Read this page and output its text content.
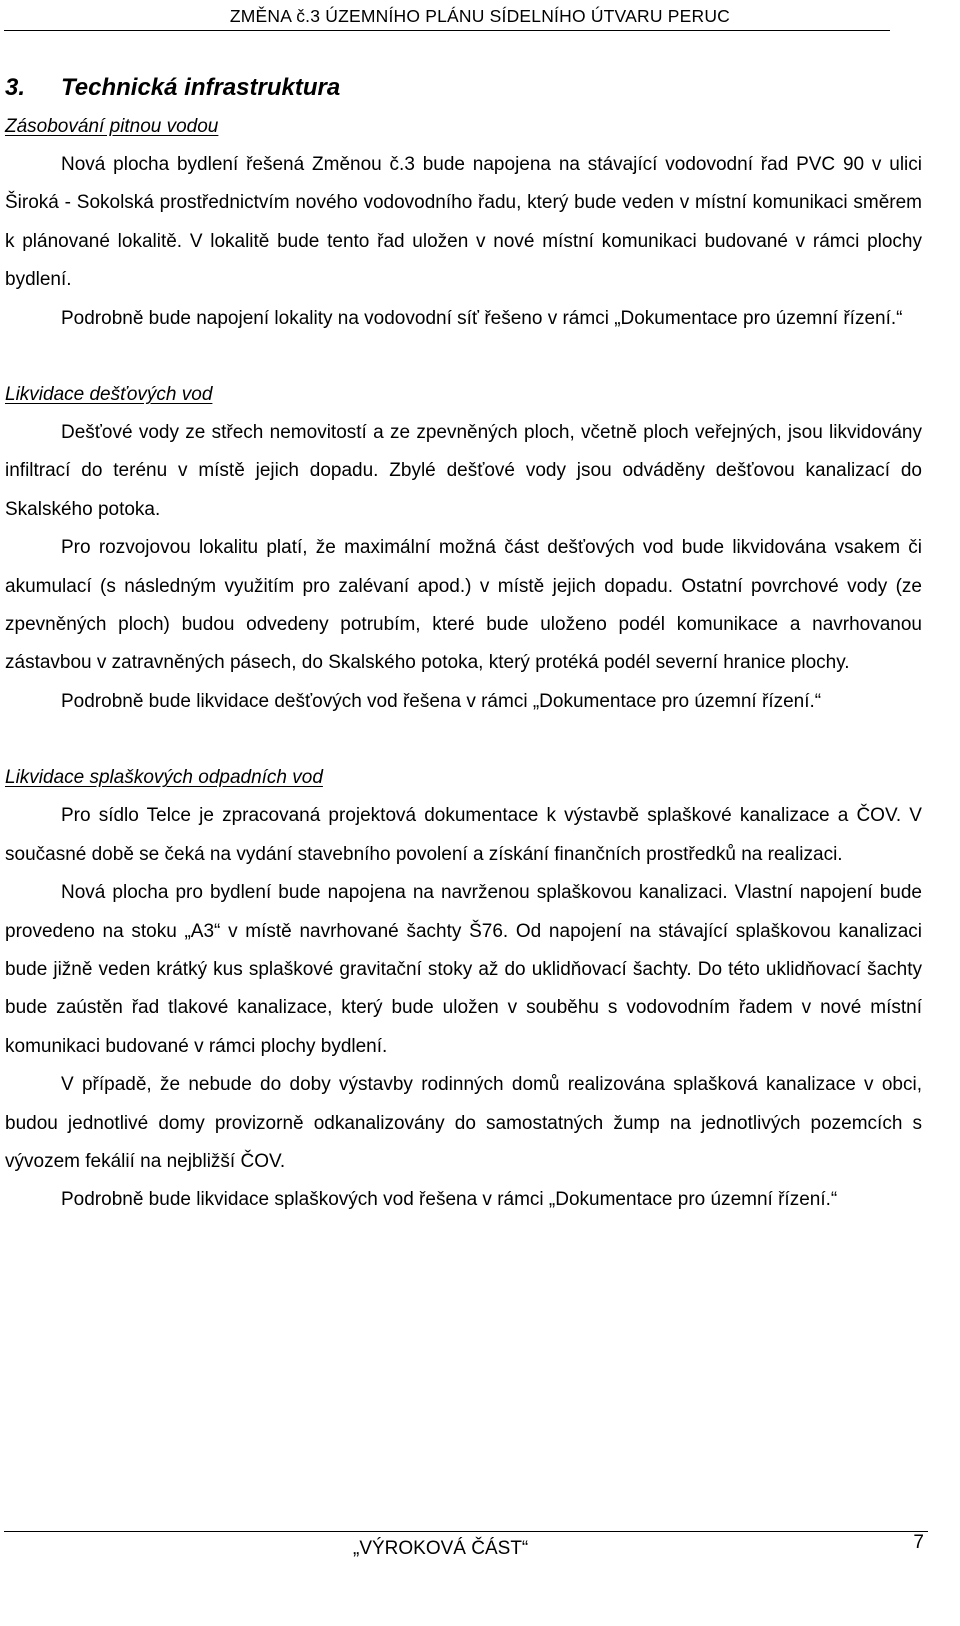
ZMĚNA č.3 ÚZEMNÍHO PLÁNU SÍDELNÍHO ÚTVARU PERUC
3. Technická infrastruktura
Zásobování pitnou vodou

Nová plocha bydlení řešená Změnou č.3 bude napojena na stávající vodovodní řad PVC 90 v ulici Široká - Sokolská prostřednictvím nového vodovodního řadu, který bude veden v místní komunikaci směrem k plánované lokalitě. V lokalitě bude tento řad uložen v nové místní komunikaci budované v rámci plochy bydlení.

Podrobně bude napojení lokality na vodovodní síť řešeno v rámci „Dokumentace pro územní řízení.“

Likvidace dešťových vod

Dešťové vody ze střech nemovitostí a ze zpevněných ploch, včetně ploch veřejných, jsou likvidovány infiltrací do terénu v místě jejich dopadu. Zbylé dešťové vody jsou odváděny dešťovou kanalizací do Skalského potoka.

Pro rozvojovou lokalitu platí, že maximální možná část dešťových vod bude likvidována vsakem či akumulací (s následným využitím pro zalévaní apod.) v místě jejich dopadu. Ostatní povrchové vody (ze zpevněných ploch) budou odvedeny potrubím, které bude uloženo podél komunikace a navrhovanou zástavbou v zatravněných pásech, do Skalského potoka, který protéká podél severní hranice plochy.

Podrobně bude likvidace dešťových vod řešena v rámci „Dokumentace pro územní řízení.“

Likvidace splaškových odpadních vod

Pro sídlo Telce je zpracovaná projektová dokumentace k výstavbě splaškové kanalizace a ČOV. V současné době se čeká na vydání stavebního povolení a získání finančních prostředků na realizaci.

Nová plocha pro bydlení bude napojena na navrženou splaškovou kanalizaci. Vlastní napojení bude provedeno na stoku „A3“ v místě navrhované šachty Š76. Od napojení na stávající splaškovou kanalizaci bude jižně veden krátký kus splaškové gravitační stoky až do uklidňovací šachty. Do této uklidňovací šachty bude zaústěn řad tlakové kanalizace, který bude uložen v souběhu s vodovodním řadem v nové místní komunikaci budované v rámci plochy bydlení.

V případě, že nebude do doby výstavby rodinných domů realizována splašková kanalizace v obci, budou jednotlivé domy provizorně odkanalizovány do samostatných žump na jednotlivých pozemcích s vývozem fekálií na nejbližší ČOV.

Podrobně bude likvidace splaškových vod řešena v rámci „Dokumentace pro územní řízení.“

„VÝROKOVÁ ČÁST“	7
